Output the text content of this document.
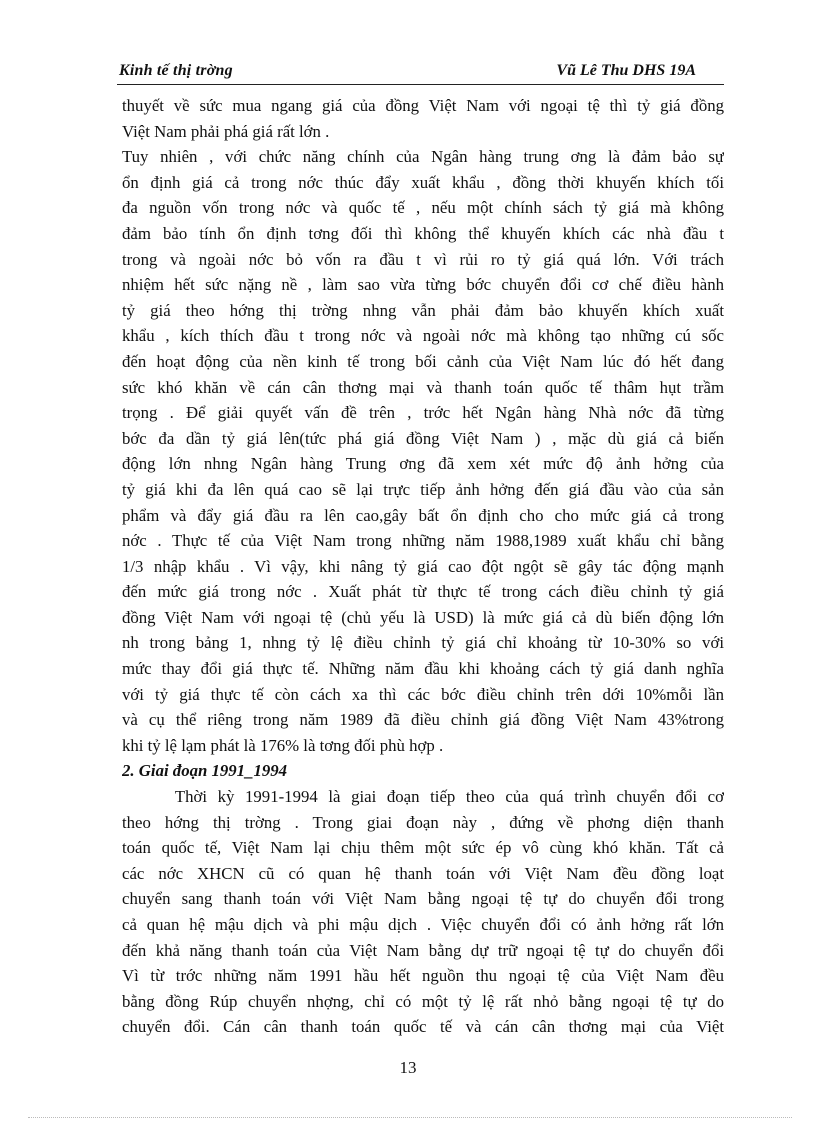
Kinh tế thị trờng	Vũ Lê Thu DHS 19A
thuyết về sức mua ngang giá của đồng Việt Nam với ngoại tệ thì tỷ giá đồng
Việt Nam phải phá giá rất lớn .
Tuy nhiên , với chức năng chính của Ngân hàng trung ơng là đảm bảo sự
ổn định giá cả trong nớc thúc đẩy xuất khẩu , đồng thời khuyến khích tối
đa nguồn vốn trong nớc và quốc tế , nếu một chính sách tỷ giá mà không
đảm bảo tính ổn định tơng đối thì không thể khuyến khích các nhà đầu t
trong và ngoài nớc bỏ vốn ra đầu t vì rủi ro tỷ giá quá lớn. Với trách
nhiệm hết sức nặng nề , làm sao vừa từng bớc chuyển đổi cơ chế điều hành
tỷ giá theo hớng thị trờng nhng vẫn phải đảm bảo khuyến khích xuất
khẩu , kích thích đầu t trong nớc và ngoài nớc mà không tạo những cú sốc
đến hoạt động của nền kinh tế trong bối cảnh của Việt Nam lúc đó hết đang
sức khó khăn về cán cân thơng mại và thanh toán quốc tế thâm hụt trầm
trọng . Để giải quyết vấn đề trên , trớc hết Ngân hàng Nhà nớc đã từng
bớc đa dần tỷ giá lên(tức phá giá đồng Việt Nam ) , mặc dù giá cả biến
động lớn nhng Ngân hàng Trung ơng đã xem xét mức độ ảnh hởng của
tỷ giá khi đa lên quá cao sẽ lại trực tiếp ảnh hởng đến giá đầu vào của sản
phẩm và đẩy giá đầu ra lên cao,gây bất ổn định cho cho mức giá cả trong
nớc . Thực tế của Việt Nam trong những năm 1988,1989 xuất khẩu chỉ bằng
1/3 nhập khẩu . Vì vậy, khi nâng tỷ giá cao đột ngột sẽ gây tác động mạnh
đến mức giá trong nớc . Xuất phát từ thực tế trong cách điều chỉnh tỷ giá
đồng Việt Nam với ngoại tệ (chủ yếu là USD) là mức giá cả dù biến động lớn
nh trong bảng 1, nhng tỷ lệ điều chỉnh tỷ giá chỉ khoảng từ 10-30% so với
mức thay đổi giá thực tế. Những năm đầu khi khoảng cách tỷ giá danh nghĩa
với tỷ giá thực tế còn cách xa thì các bớc điều chỉnh trên dới 10%mỗi lần
và cụ thể riêng trong năm 1989 đã điều chỉnh giá đồng Việt Nam 43%trong
khi tỷ lệ lạm phát là 176% là tơng đối phù hợp .
2. Giai đoạn 1991_1994
Thời kỳ 1991-1994 là giai đoạn tiếp theo của quá trình chuyển đổi cơ
theo hớng thị trờng . Trong giai đoạn này , đứng về phơng diện thanh
toán quốc tế, Việt Nam lại chịu thêm một sức ép vô cùng khó khăn. Tất cả
các nớc XHCN cũ có quan hệ thanh toán với Việt Nam đều đồng loạt
chuyển sang thanh toán với Việt Nam bằng ngoại tệ tự do chuyển đổi trong
cả quan hệ mậu dịch và phi mậu dịch . Việc chuyển đổi có ảnh hởng rất lớn
đến khả năng thanh toán của Việt Nam bằng dự trữ ngoại tệ tự do chuyển đổi
Vì từ trớc những năm 1991 hầu hết nguồn thu ngoại tệ của Việt Nam đều
bằng đồng Rúp chuyển nhợng, chỉ có một tỷ lệ rất nhỏ bằng ngoại tệ tự do
chuyển đổi. Cán cân thanh toán quốc tế và cán cân thơng mại của Việt
13
